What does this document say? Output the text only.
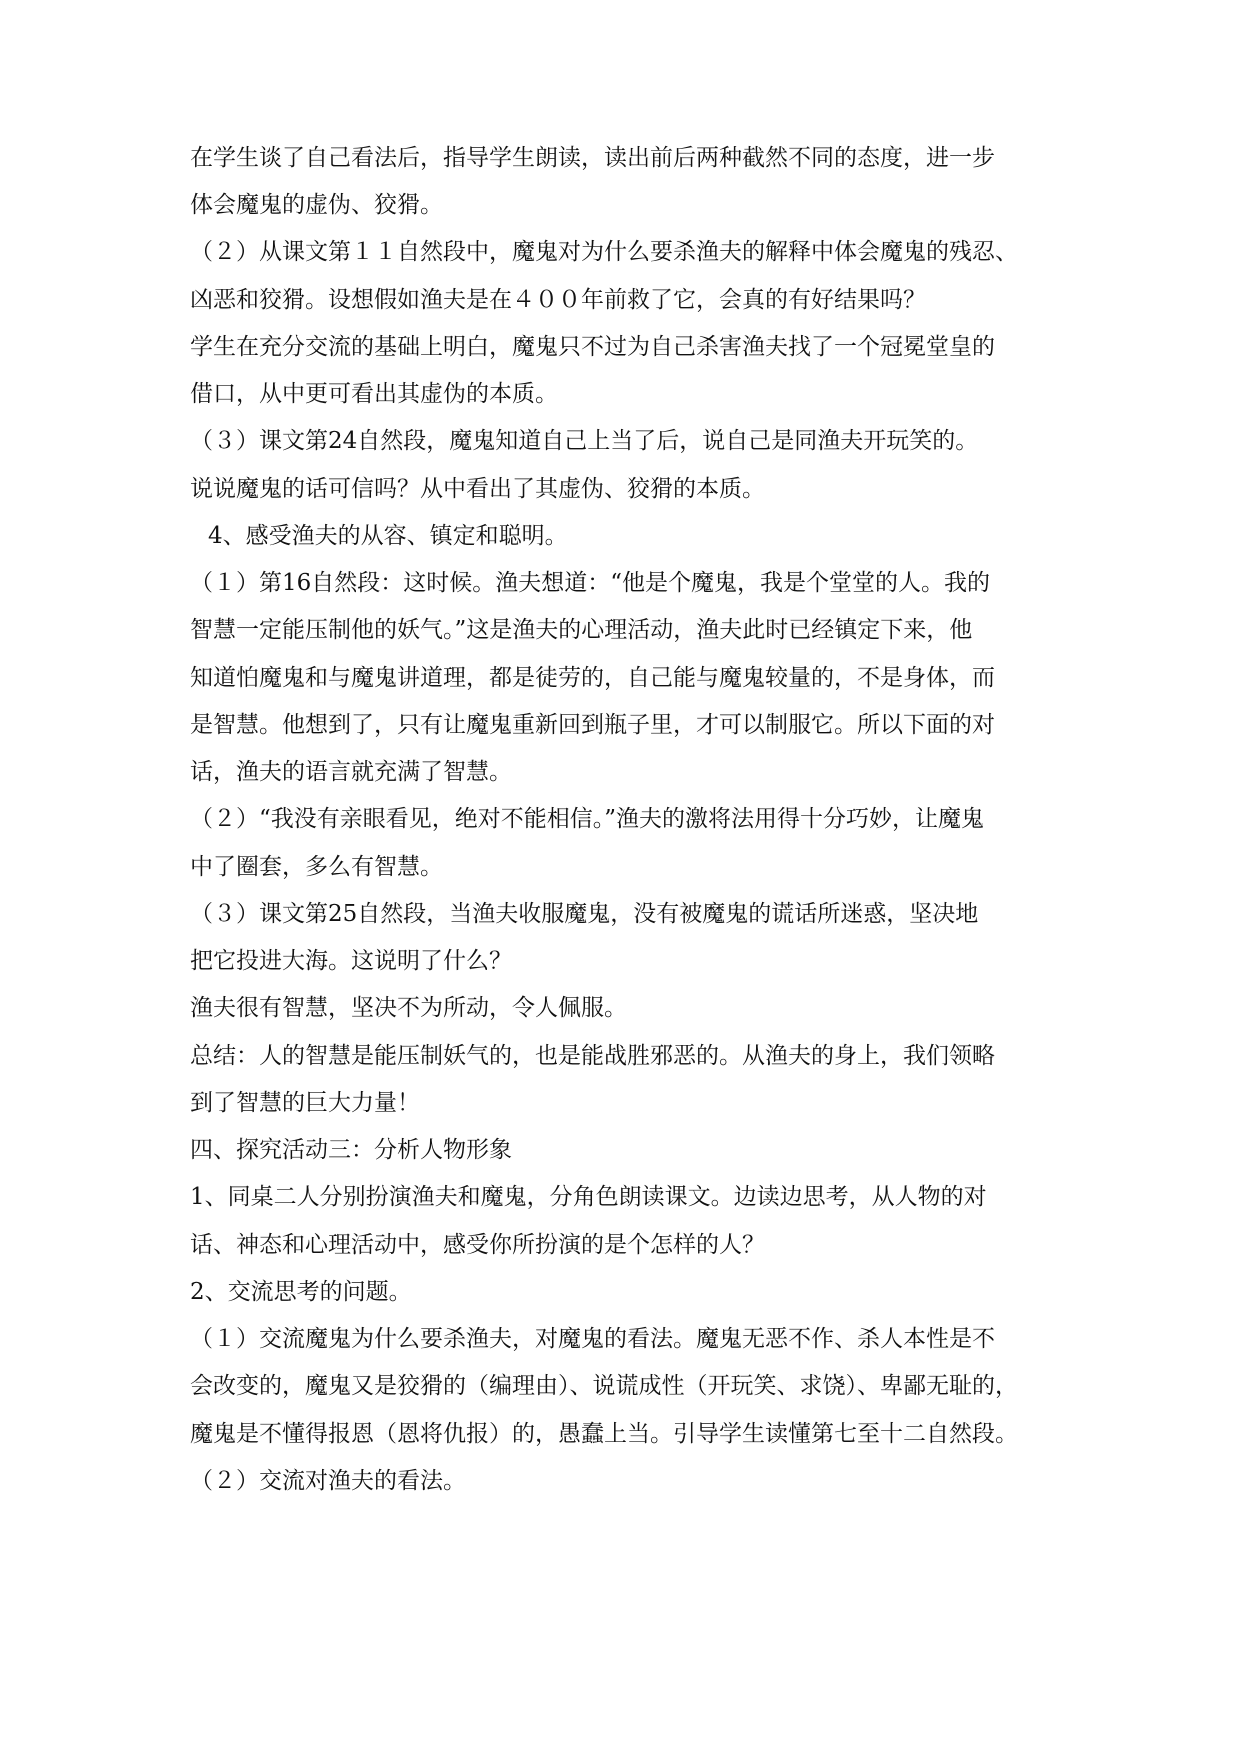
在学生谈了自己看法后，指导学生朗读，读出前后两种截然不同的态度，进一步

体会魔鬼的虚伪、狡猾。

（２）从课文第１１自然段中，魔鬼对为什么要杀渔夫的解释中体会魔鬼的残忍、

凶恶和狡猾。设想假如渔夫是在４００年前救了它，会真的有好结果吗？

学生在充分交流的基础上明白，魔鬼只不过为自己杀害渔夫找了一个冠冕堂皇的

借口，从中更可看出其虚伪的本质。

（３）课文第24自然段，魔鬼知道自己上当了后，说自己是同渔夫开玩笑的。

说说魔鬼的话可信吗？从中看出了其虚伪、狡猾的本质。

4、感受渔夫的从容、镇定和聪明。

（１）第16自然段：这时候。渔夫想道：“他是个魔鬼，我是个堂堂的人。我的

智慧一定能压制他的妖气。”这是渔夫的心理活动，渔夫此时已经镇定下来，他

知道怕魔鬼和与魔鬼讲道理，都是徒劳的，自己能与魔鬼较量的，不是身体，而

是智慧。他想到了，只有让魔鬼重新回到瓶子里，才可以制服它。所以下面的对

话，渔夫的语言就充满了智慧。

（２）“我没有亲眼看见，绝对不能相信。”渔夫的激将法用得十分巧妙，让魔鬼

中了圈套，多么有智慧。

（３）课文第25自然段，当渔夫收服魔鬼，没有被魔鬼的谎话所迷惑，坚决地

把它投进大海。这说明了什么？

渔夫很有智慧，坚决不为所动，令人佩服。

总结：人的智慧是能压制妖气的，也是能战胜邪恶的。从渔夫的身上，我们领略

到了智慧的巨大力量！

四、探究活动三：分析人物形象

1、同桌二人分别扮演渔夫和魔鬼，分角色朗读课文。边读边思考，从人物的对

话、神态和心理活动中，感受你所扮演的是个怎样的人？

2、交流思考的问题。

（１）交流魔鬼为什么要杀渔夫，对魔鬼的看法。魔鬼无恶不作、杀人本性是不

会改变的，魔鬼又是狡猾的（编理由）、说谎成性（开玩笑、求饶）、卑鄙无耻的，

魔鬼是不懂得报恩（恩将仇报）的，愚蠢上当。引导学生读懂第七至十二自然段。

（２）交流对渔夫的看法。
